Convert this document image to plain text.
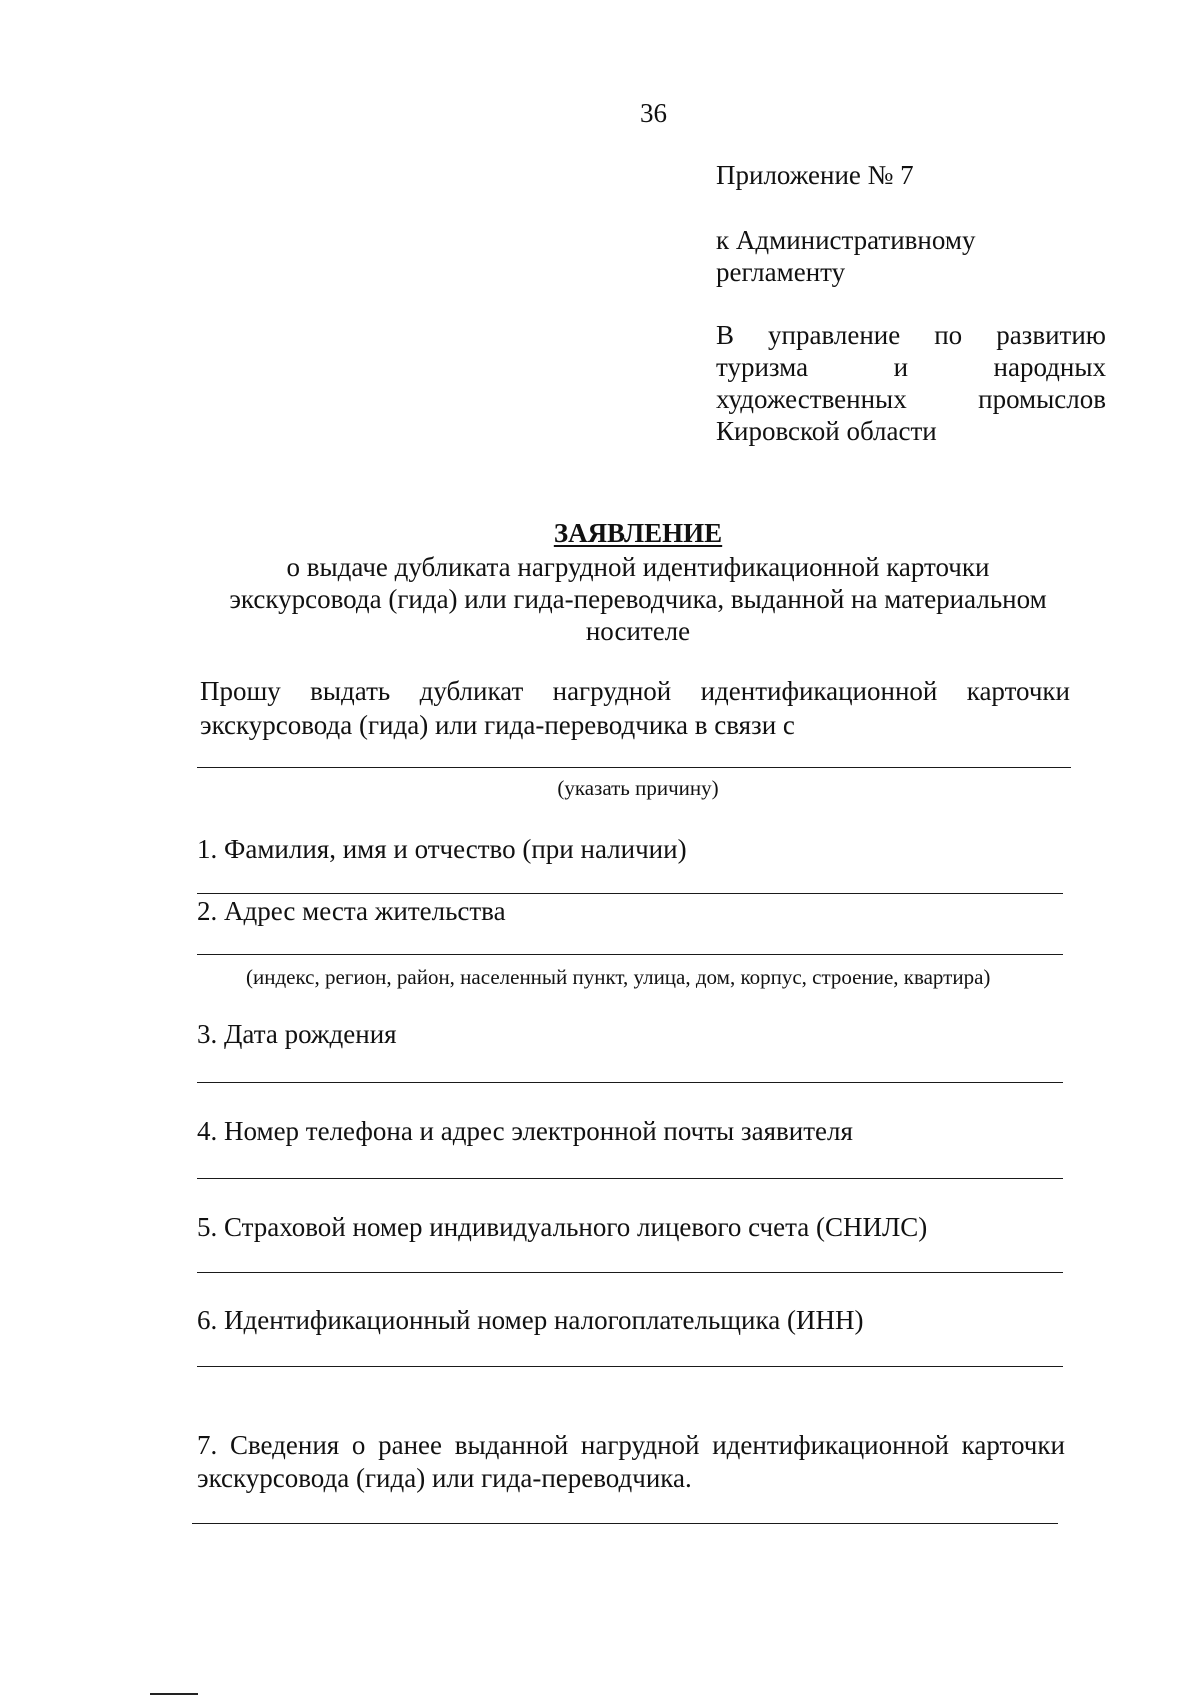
36
Приложение № 7
к Административному
регламенту
В управление по развитию
туризма	и	народных
художественных	промыслов
Кировской области
ЗАЯВЛЕНИЕ
о выдаче дубликата нагрудной идентификационной карточки
экскурсовода (гида) или гида-переводчика, выданной на материальном
носителе
Прошу выдать дубликат нагрудной идентификационной карточки
экскурсовода (гида) или гида-переводчика в связи с
(указать причину)
1. Фамилия, имя и отчество (при наличии)
2. Адрес места жительства
(индекс, регион, район, населенный пункт, улица, дом, корпус, строение, квартира)
3. Дата рождения
4. Номер телефона и адрес электронной почты заявителя
5. Страховой номер индивидуального лицевого счета (СНИЛС)
6. Идентификационный номер налогоплательщика (ИНН)
7. Сведения о ранее выданной нагрудной идентификационной карточки
экскурсовода (гида) или гида-переводчика.
